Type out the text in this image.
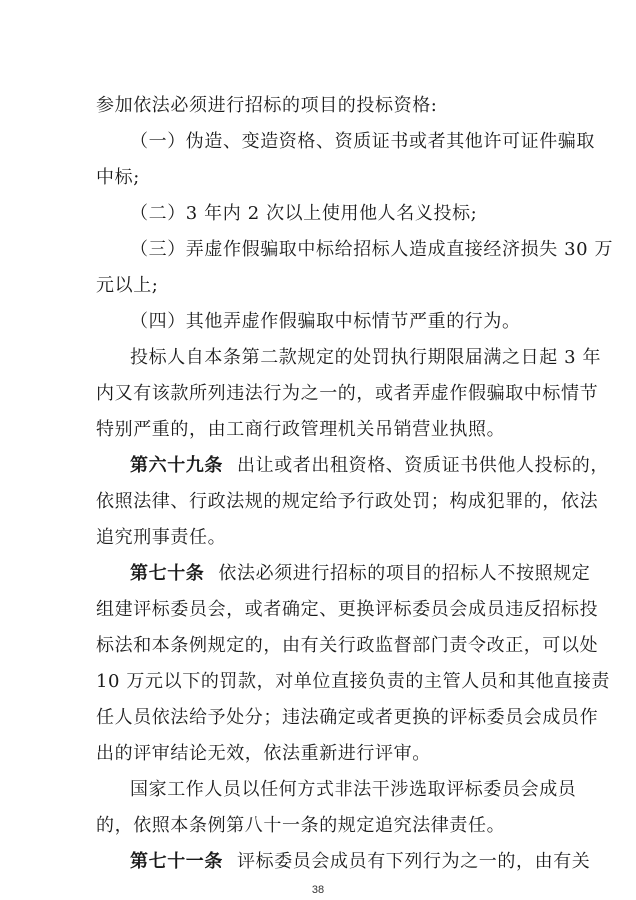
参加依法必须进行招标的项目的投标资格:
（一）伪造、变造资格、资质证书或者其他许可证件骗取
中标;
（二）3 年内 2 次以上使用他人名义投标;
（三）弄虚作假骗取中标给招标人造成直接经济损失 30 万
元以上;
（四）其他弄虚作假骗取中标情节严重的行为。
投标人自本条第二款规定的处罚执行期限届满之日起 3 年
内又有该款所列违法行为之一的，或者弄虚作假骗取中标情节
特别严重的，由工商行政管理机关吊销营业执照。
第六十九条 出让或者出租资格、资质证书供他人投标的，
依照法律、行政法规的规定给予行政处罚；构成犯罪的，依法
追究刑事责任。
第七十条 依法必须进行招标的项目的招标人不按照规定
组建评标委员会，或者确定、更换评标委员会成员违反招标投
标法和本条例规定的，由有关行政监督部门责令改正，可以处
10 万元以下的罚款，对单位直接负责的主管人员和其他直接责
任人员依法给予处分；违法确定或者更换的评标委员会成员作
出的评审结论无效，依法重新进行评审。
国家工作人员以任何方式非法干涉选取评标委员会成员
的，依照本条例第八十一条的规定追究法律责任。
第七十一条 评标委员会成员有下列行为之一的，由有关
38
